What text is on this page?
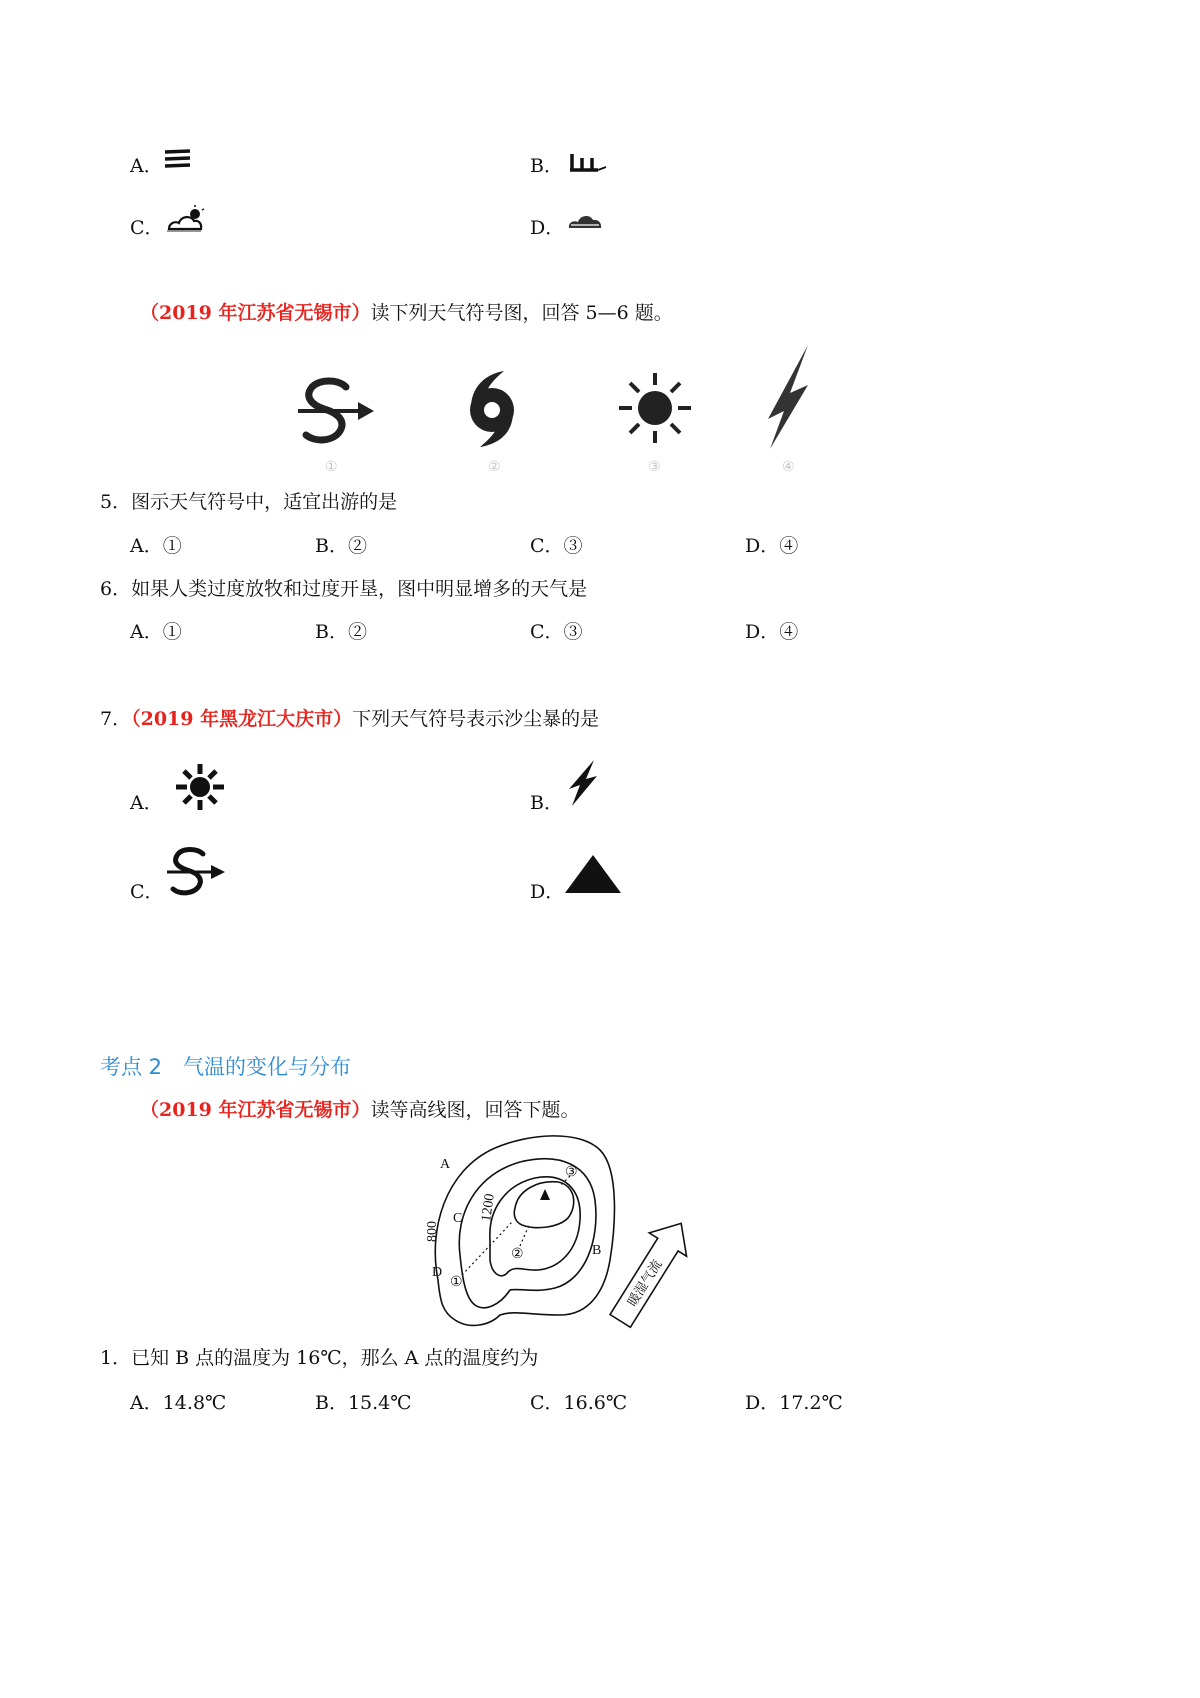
A．	B．
C．	D．
（2019 年江苏省无锡市）读下列天气符号图，回答 5—6 题。
①	②	③	④
5．图示天气符号中，适宜出游的是
A．①	B．②	C．③	D．④
6．如果人类过度放牧和过度开垦，图中明显增多的天气是
A．①	B．②	C．③	D．④
7．（2019 年黑龙江大庆市）下列天气符号表示沙尘暴的是
A．	B．
C．	D．
考点 2　气温的变化与分布
（2019 年江苏省无锡市）读等高线图，回答下题。
A
800
C 1200
D
①
②
③
B
暖湿气流
1．已知 B 点的温度为 16℃，那么 A 点的温度约为
A．14.8℃	B．15.4℃	C．16.6℃	D．17.2℃
